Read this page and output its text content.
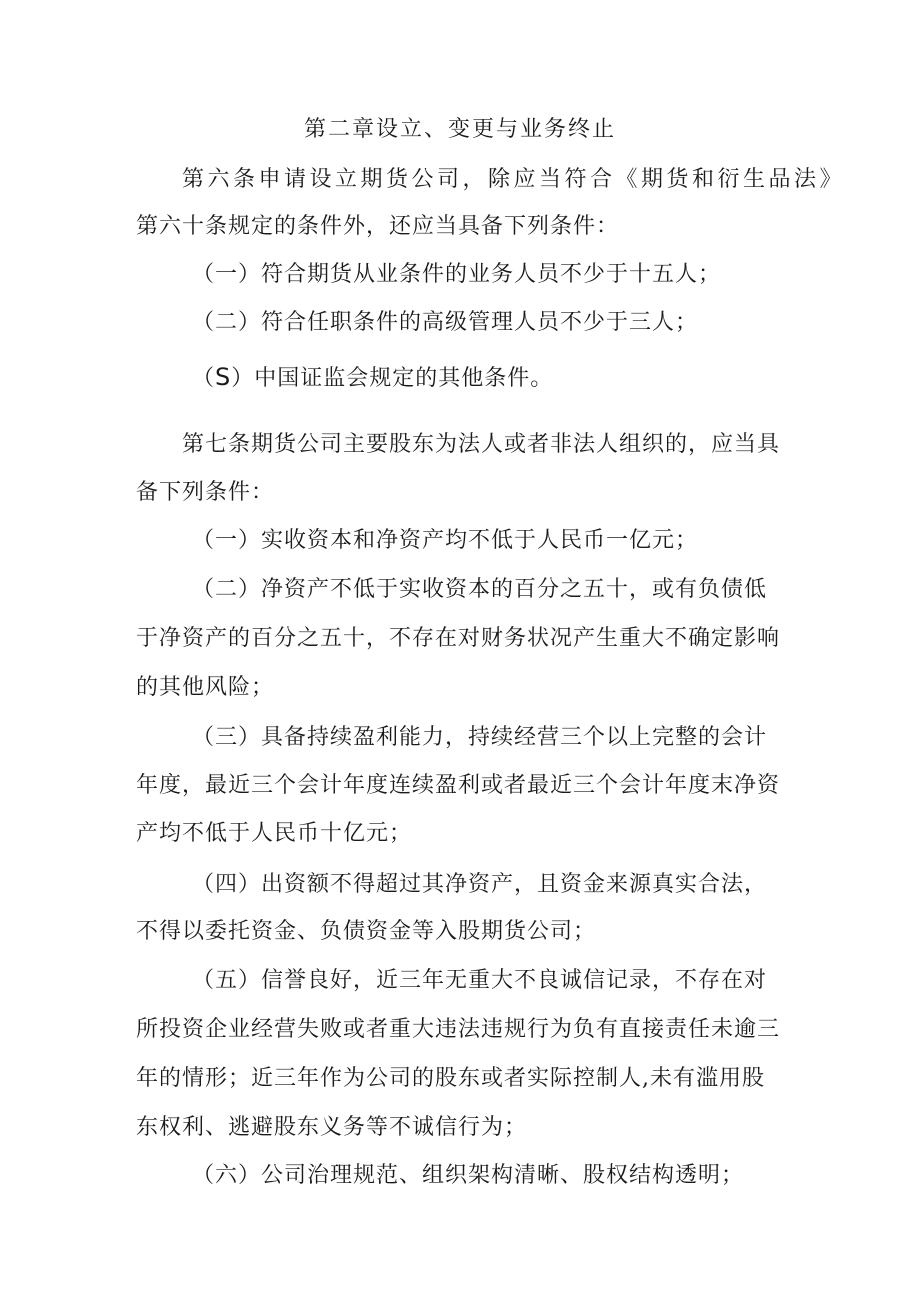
第二章设立、变更与业务终止
第六条申请设立期货公司，除应当符合《期货和衍生品法》
第六十条规定的条件外，还应当具备下列条件：
（一）符合期货从业条件的业务人员不少于十五人；
（二）符合任职条件的高级管理人员不少于三人；
（S）中国证监会规定的其他条件。
第七条期货公司主要股东为法人或者非法人组织的，应当具
备下列条件：
（一）实收资本和净资产均不低于人民币一亿元；
（二）净资产不低于实收资本的百分之五十，或有负债低
于净资产的百分之五十，不存在对财务状况产生重大不确定影响
的其他风险；
（三）具备持续盈利能力，持续经营三个以上完整的会计
年度，最近三个会计年度连续盈利或者最近三个会计年度末净资
产均不低于人民币十亿元；
（四）出资额不得超过其净资产，且资金来源真实合法，
不得以委托资金、负债资金等入股期货公司；
（五）信誉良好，近三年无重大不良诚信记录，不存在对
所投资企业经营失败或者重大违法违规行为负有直接责任未逾三
年的情形；近三年作为公司的股东或者实际控制人,未有滥用股
东权利、逃避股东义务等不诚信行为；
（六）公司治理规范、组织架构清晰、股权结构透明；
